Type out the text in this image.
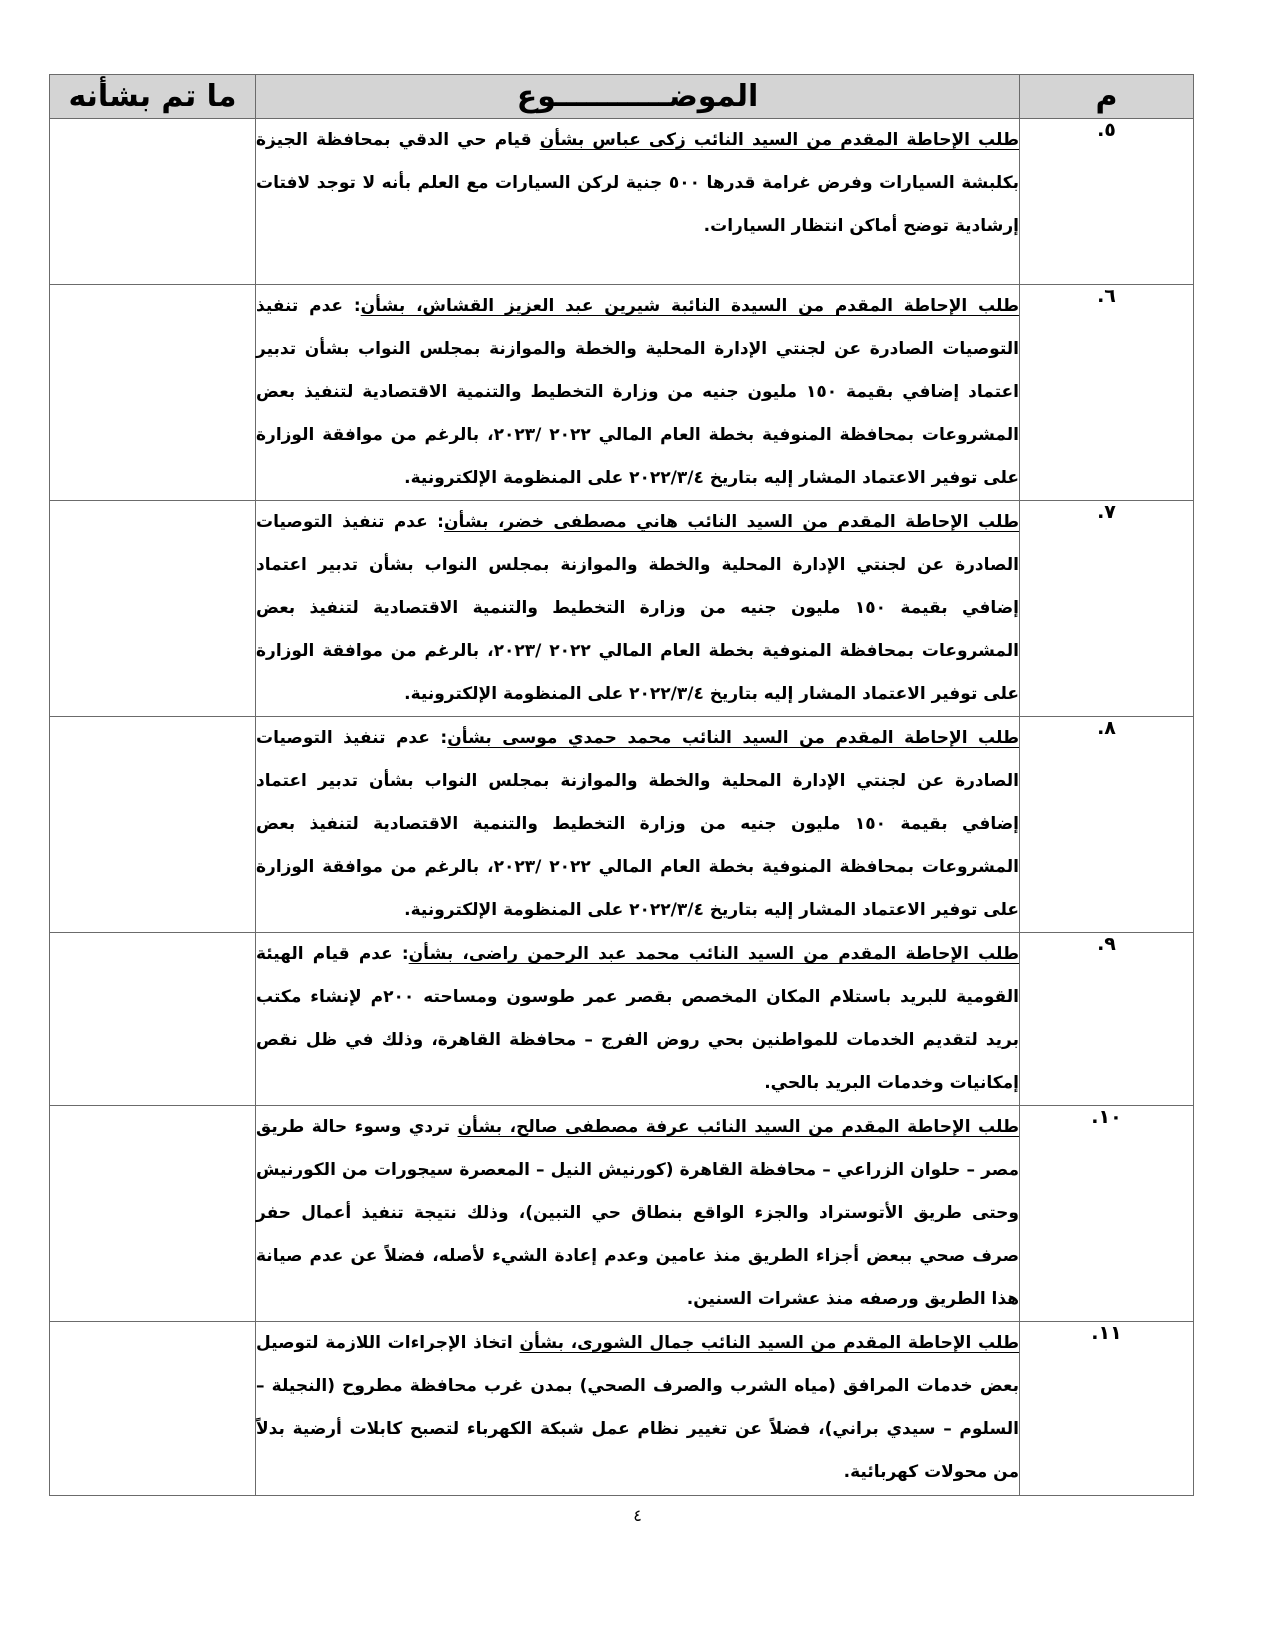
م	الموضـــــــــــوع	ما تم بشأنه
٥.	طلب الإحاطة المقدم من السيد النائب زكى عباس بشأن قيام حي الدقي بمحافظة الجيزة بكلبشة السيارات وفرض غرامة قدرها ٥٠٠ جنية لركن السيارات مع العلم بأنه لا توجد لافتات إرشادية توضح أماكن انتظار السيارات.	
٦.	طلب الإحاطة المقدم من السيدة النائبة شيرين عبد العزيز القشاش، بشأن: عدم تنفيذ التوصيات الصادرة عن لجنتي الإدارة المحلية والخطة والموازنة بمجلس النواب بشأن تدبير اعتماد إضافي بقيمة ١٥٠ مليون جنيه من وزارة التخطيط والتنمية الاقتصادية لتنفيذ بعض المشروعات بمحافظة المنوفية بخطة العام المالي ٢٠٢٢ /٢٠٢٣، بالرغم من موافقة الوزارة على توفير الاعتماد المشار إليه بتاريخ ٢٠٢٢/٣/٤ على المنظومة الإلكترونية.	
٧.	طلب الإحاطة المقدم من السيد النائب هاني مصطفى خضر، بشأن: عدم تنفيذ التوصيات الصادرة عن لجنتي الإدارة المحلية والخطة والموازنة بمجلس النواب بشأن تدبير اعتماد إضافي بقيمة ١٥٠ مليون جنيه من وزارة التخطيط والتنمية الاقتصادية لتنفيذ بعض المشروعات بمحافظة المنوفية بخطة العام المالي ٢٠٢٢ /٢٠٢٣، بالرغم من موافقة الوزارة على توفير الاعتماد المشار إليه بتاريخ ٢٠٢٢/٣/٤ على المنظومة الإلكترونية.	
٨.	طلب الإحاطة المقدم من السيد النائب محمد حمدي موسى بشأن: عدم تنفيذ التوصيات الصادرة عن لجنتي الإدارة المحلية والخطة والموازنة بمجلس النواب بشأن تدبير اعتماد إضافي بقيمة ١٥٠ مليون جنيه من وزارة التخطيط والتنمية الاقتصادية لتنفيذ بعض المشروعات بمحافظة المنوفية بخطة العام المالي ٢٠٢٢ /٢٠٢٣، بالرغم من موافقة الوزارة على توفير الاعتماد المشار إليه بتاريخ ٢٠٢٢/٣/٤ على المنظومة الإلكترونية.	
٩.	طلب الإحاطة المقدم من السيد النائب محمد عبد الرحمن راضى، بشأن: عدم قيام الهيئة القومية للبريد باستلام المكان المخصص بقصر عمر طوسون ومساحته ٢٠٠م لإنشاء مكتب بريد لتقديم الخدمات للمواطنين بحي روض الفرج – محافظة القاهرة، وذلك في ظل نقص إمكانيات وخدمات البريد بالحي.	
١٠.	طلب الإحاطة المقدم من السيد النائب عرفة مصطفى صالح، بشأن تردي وسوء حالة طريق مصر – حلوان الزراعي – محافظة القاهرة (كورنيش النيل – المعصرة سيجورات من الكورنيش وحتى طريق الأتوستراد والجزء الواقع بنطاق حي التبين)، وذلك نتيجة تنفيذ أعمال حفر صرف صحي ببعض أجزاء الطريق منذ عامين وعدم إعادة الشيء لأصله، فضلاً عن عدم صيانة هذا الطريق ورصفه منذ عشرات السنين.	
١١.	طلب الإحاطة المقدم من السيد النائب جمال الشورى، بشأن اتخاذ الإجراءات اللازمة لتوصيل بعض خدمات المرافق (مياه الشرب والصرف الصحي) بمدن غرب محافظة مطروح (النجيلة – السلوم – سيدي براني)، فضلاً عن تغيير نظام عمل شبكة الكهرباء لتصبح كابلات أرضية بدلاً من محولات كهربائية.	
٤
